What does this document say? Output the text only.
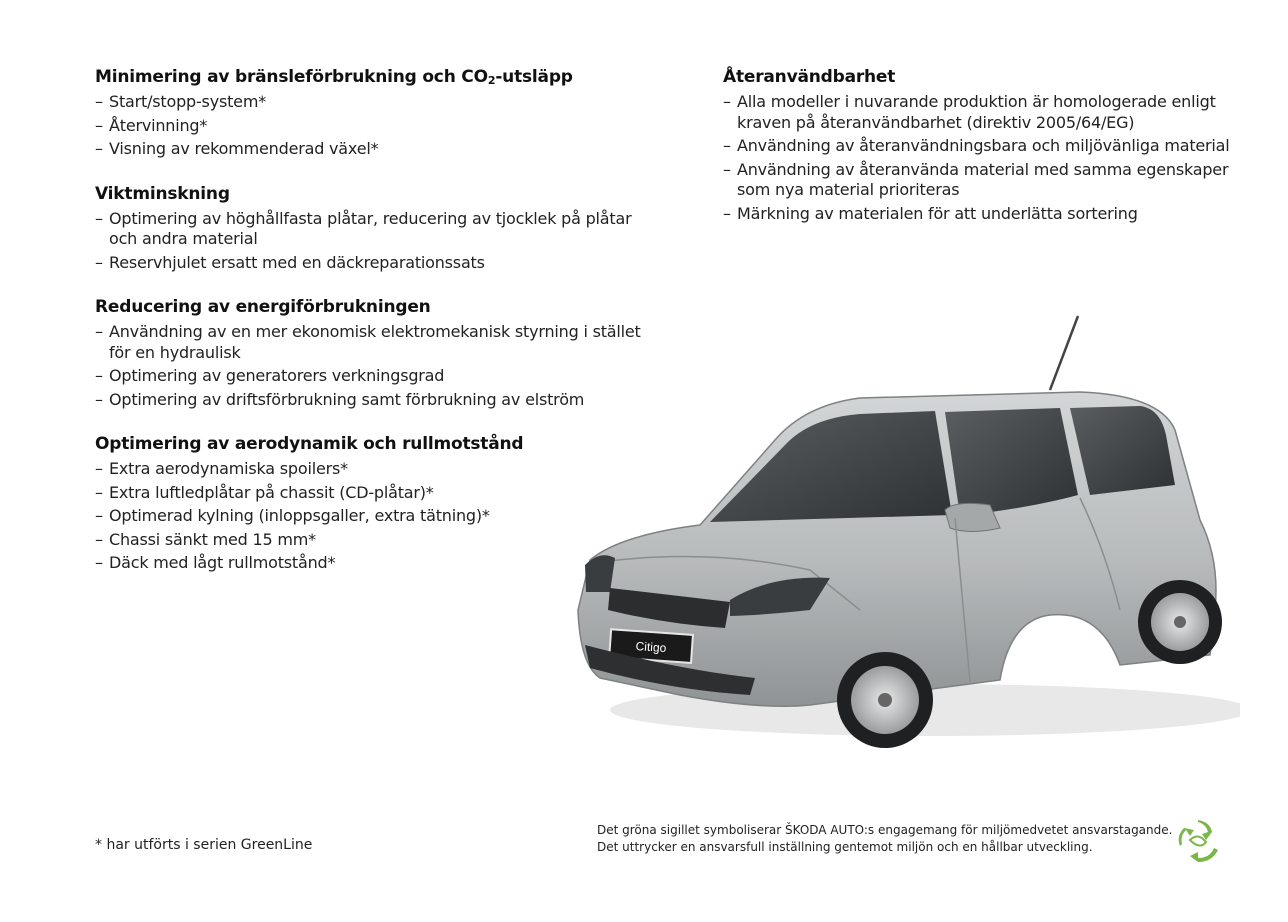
Minimering av bränsleförbrukning och $CO_2$-utsläpp
– Start/stopp-system*
– Återvinning*
– Visning av rekommenderad växel*
Viktminskning
– Optimering av höghållfasta plåtar, reducering av tjocklek på plåtar och andra material
– Reservhjulet ersatt med en däckreparationssats
Reducering av energiförbrukningen
– Användning av en mer ekonomisk elektromekanisk styrning i stället för en hydraulisk
– Optimering av generatorers verkningsgrad
– Optimering av driftsförbrukning samt förbrukning av elström
Optimering av aerodynamik och rullmotstånd
– Extra aerodynamiska spoilers*
– Extra luftledplåtar på chassit (CD-plåtar)*
– Optimerad kylning (inloppsgaller, extra tätning)*
– Chassi sänkt med 15 mm*
– Däck med lågt rullmotstånd*
Återanvändbarhet
– Alla modeller i nuvarande produktion är homologerade enligt kraven på återanvändbarhet (direktiv 2005/64/EG)
– Användning av återanvändningsbara och miljövänliga material
– Användning av återanvända material med samma egenskaper som nya material prioriteras
– Märkning av materialen för att underlätta sortering
Citigo
* har utförts i serien GreenLine
Det gröna sigillet symboliserar ŠKODA AUTO:s engagemang för miljömedvetet ansvarstagande.
Det uttrycker en ansvarsfull inställning gentemot miljön och en hållbar utveckling.
